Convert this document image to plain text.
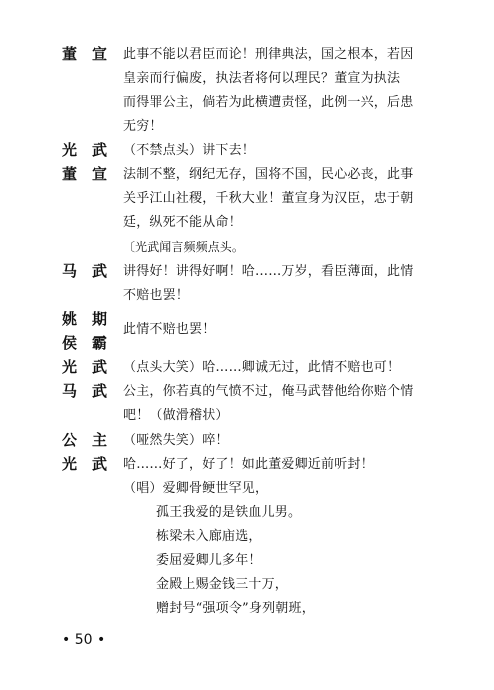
董　宣 此事不能以君臣而论！刑律典法，国之根本，若因
皇亲而行偏废，执法者将何以理民？董宣为执法
而得罪公主，倘若为此横遭责怪，此例一兴，后患
无穷！
光　武 （不禁点头）讲下去！
董　宣 法制不整，纲纪无存，国将不国，民心必丧，此事
关乎江山社稷，千秋大业！董宣身为汉臣，忠于朝
廷，纵死不能从命！
〔光武闻言频频点头。
马　武 讲得好！讲得好啊！哈……万岁，看臣薄面，此情
不赔也罢！
姚　期
侯　霸
此情不赔也罢！
光　武 （点头大笑）哈……卿诚无过，此情不赔也可！
马　武 公主，你若真的气愤不过，俺马武替他给你赔个情
吧！（做滑稽状）
公　主 （哑然失笑）啐！
光　武 哈……好了，好了！如此董爱卿近前听封！
（唱）爱卿骨鲠世罕见，
孤王我爱的是铁血儿男。
栋梁未入廊庙选，
委屈爱卿儿多年！
金殿上赐金钱三十万，
赠封号“强项令”身列朝班，
• 50 •
